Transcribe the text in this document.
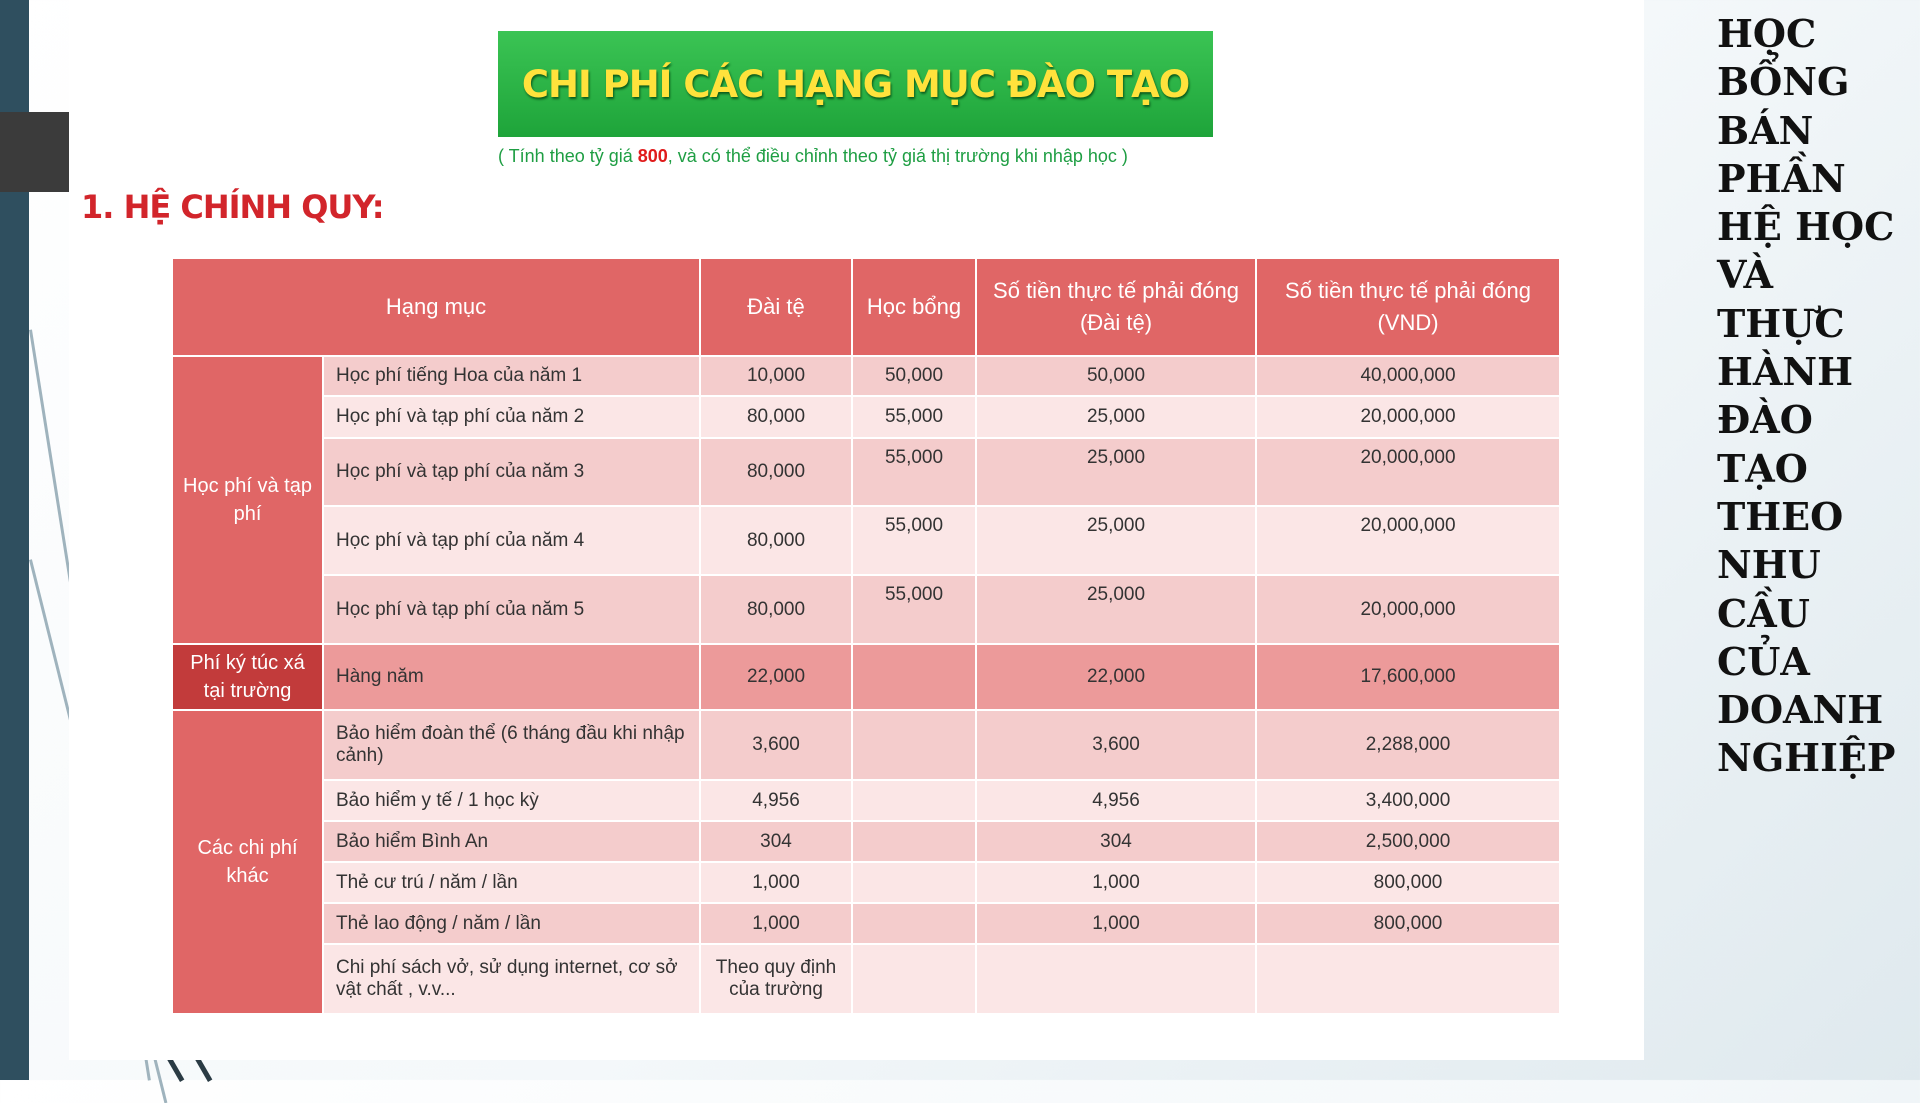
CHI PHÍ CÁC HẠNG MỤC ĐÀO TẠO
( Tính theo tỷ giá 800, và có thể điều chỉnh theo tỷ giá thị trường khi nhập học )
1. HỆ CHÍNH QUY:
Hạng mục		Đài tệ	Học bổng	Số tiền thực tế phải đóng (Đài tệ)	Số tiền thực tế phải đóng (VND)
Học phí và tạp phí	Học phí tiếng Hoa của năm 1	10,000	50,000	50,000	40,000,000
	Học phí và tạp phí của năm 2	80,000	55,000	25,000	20,000,000
	Học phí và tạp phí của năm 3	80,000	55,000	25,000	20,000,000
	Học phí và tạp phí của năm 4	80,000	55,000	25,000	20,000,000
	Học phí và tạp phí của năm 5	80,000	55,000	25,000	20,000,000
Phí ký túc xá tại trường	Hàng năm	22,000		22,000	17,600,000
Các chi phí khác	Bảo hiểm đoàn thể (6 tháng đầu khi nhập cảnh)	3,600		3,600	2,288,000
	Bảo hiểm y tế / 1 học kỳ	4,956		4,956	3,400,000
	Bảo hiểm Bình An	304		304	2,500,000
	Thẻ cư trú / năm / lần	1,000		1,000	800,000
	Thẻ lao động / năm / lần	1,000		1,000	800,000
	Chi phí sách vở, sử dụng internet, cơ sở vật chất , v.v...	Theo quy định của trường			
HỌC BỔNG BÁN PHẦN HỆ HỌC VÀ THỰC HÀNH ĐÀO TẠO THEO NHU CẦU CỦA DOANH NGHIỆP
